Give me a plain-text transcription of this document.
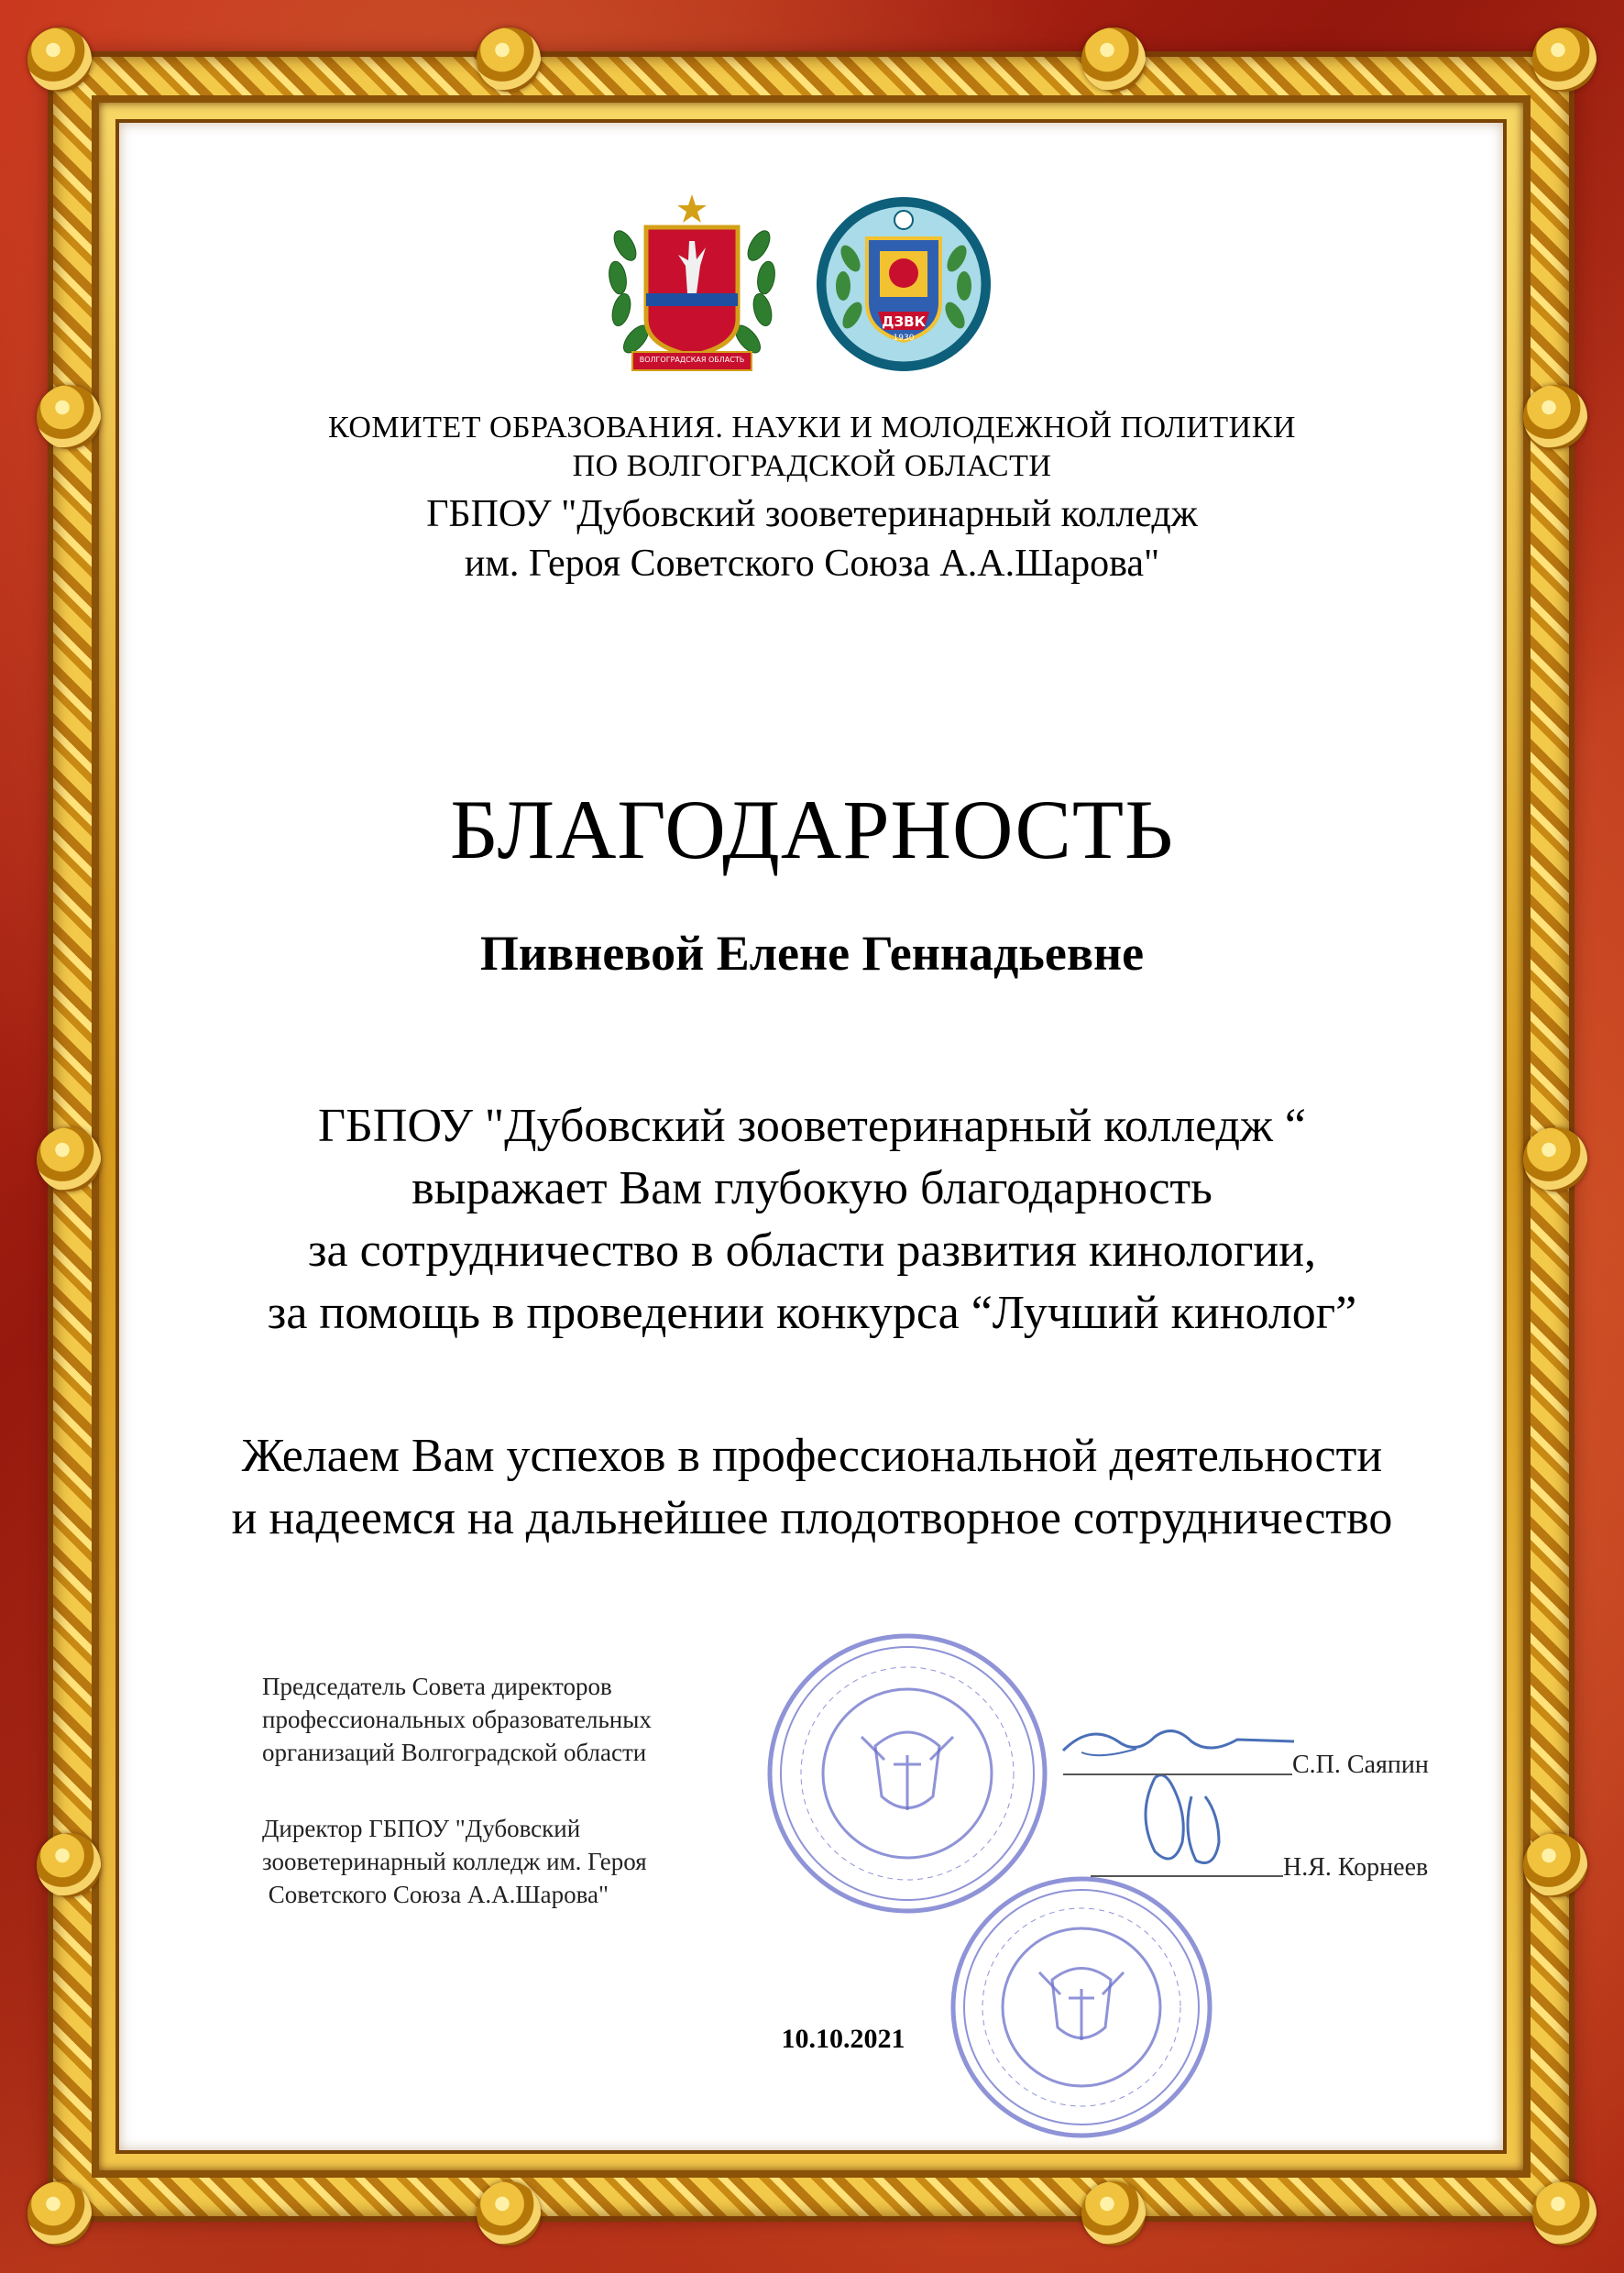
ВОЛГОГРАДСКАЯ ОБЛАСТЬ
ДЗВК
1930
КОМИТЕТ ОБРАЗОВАНИЯ. НАУКИ И МОЛОДЕЖНОЙ ПОЛИТИКИ
ПО ВОЛГОГРАДСКОЙ ОБЛАСТИ
ГБПОУ "Дубовский зооветеринарный колледж
им. Героя Советского Союза А.А.Шарова"
БЛАГОДАРНОСТЬ
Пивневой Елене Геннадьевне
ГБПОУ "Дубовский зооветеринарный колледж “
выражает Вам глубокую благодарность
за сотрудничество в области развития кинологии,
за помощь в проведении конкурса “Лучший кинолог”
Желаем Вам успехов в профессиональной деятельности
и надеемся на дальнейшее плодотворное сотрудничество
Председатель Совета директоров
профессиональных образовательных
организаций Волгоградской области
Директор ГБПОУ "Дубовский
зооветеринарный колледж им. Героя
Советского Союза А.А.Шарова"
С.П. Саяпин
Н.Я. Корнеев
10.10.2021
